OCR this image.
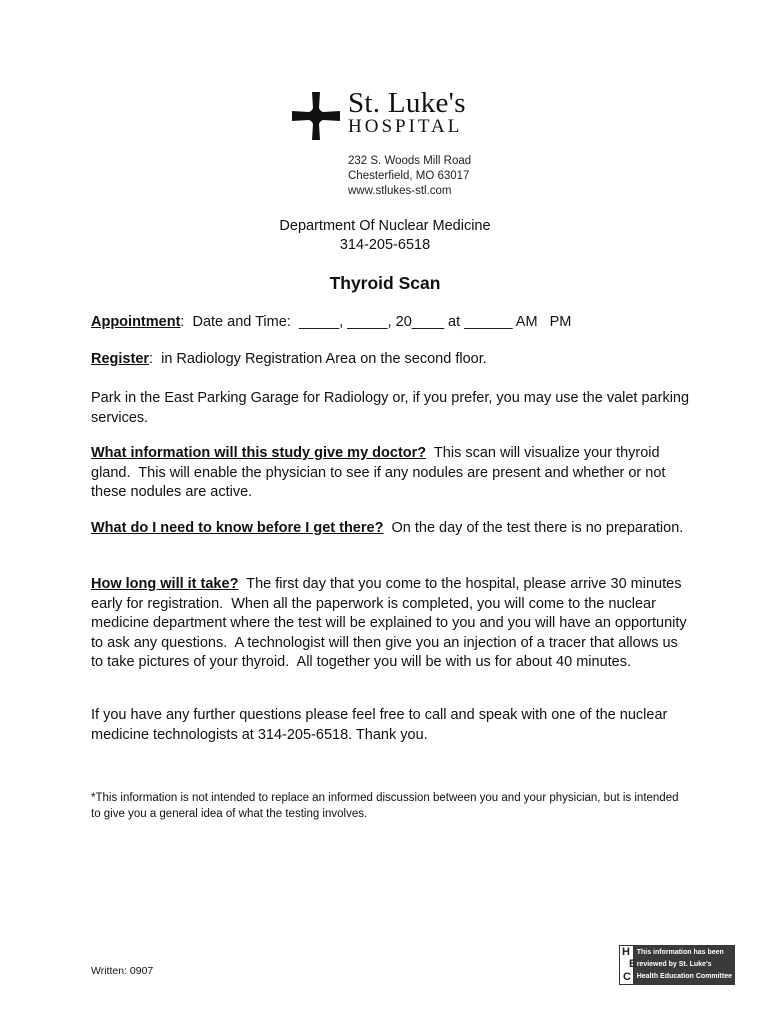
St. Luke's
HOSPITAL
232 S. Woods Mill Road
Chesterfield, MO 63017
www.stlukes-stl.com
Department Of Nuclear Medicine
314-205-6518
Thyroid Scan
Appointment:  Date and Time:  _____, _____, 20____ at ______ AM   PM
Register:  in Radiology Registration Area on the second floor.
Park in the East Parking Garage for Radiology or, if you prefer, you may use the valet parking services.
What information will this study give my doctor?  This scan will visualize your thyroid gland.  This will enable the physician to see if any nodules are present and whether or not these nodules are active.
What do I need to know before I get there?  On the day of the test there is no preparation.
How long will it take?  The first day that you come to the hospital, please arrive 30 minutes early for registration.  When all the paperwork is completed, you will come to the nuclear medicine department where the test will be explained to you and you will have an opportunity to ask any questions.  A technologist will then give you an injection of a tracer that allows us to take pictures of your thyroid.  All together you will be with us for about 40 minutes.
If you have any further questions please feel free to call and speak with one of the nuclear medicine technologists at 314-205-6518. Thank you.
*This information is not intended to replace an informed discussion between you and your physician, but is intended to give you a general idea of what the testing involves.
Written: 0907
H
E
C
This information has been
reviewed by St. Luke's
Health Education Committee
